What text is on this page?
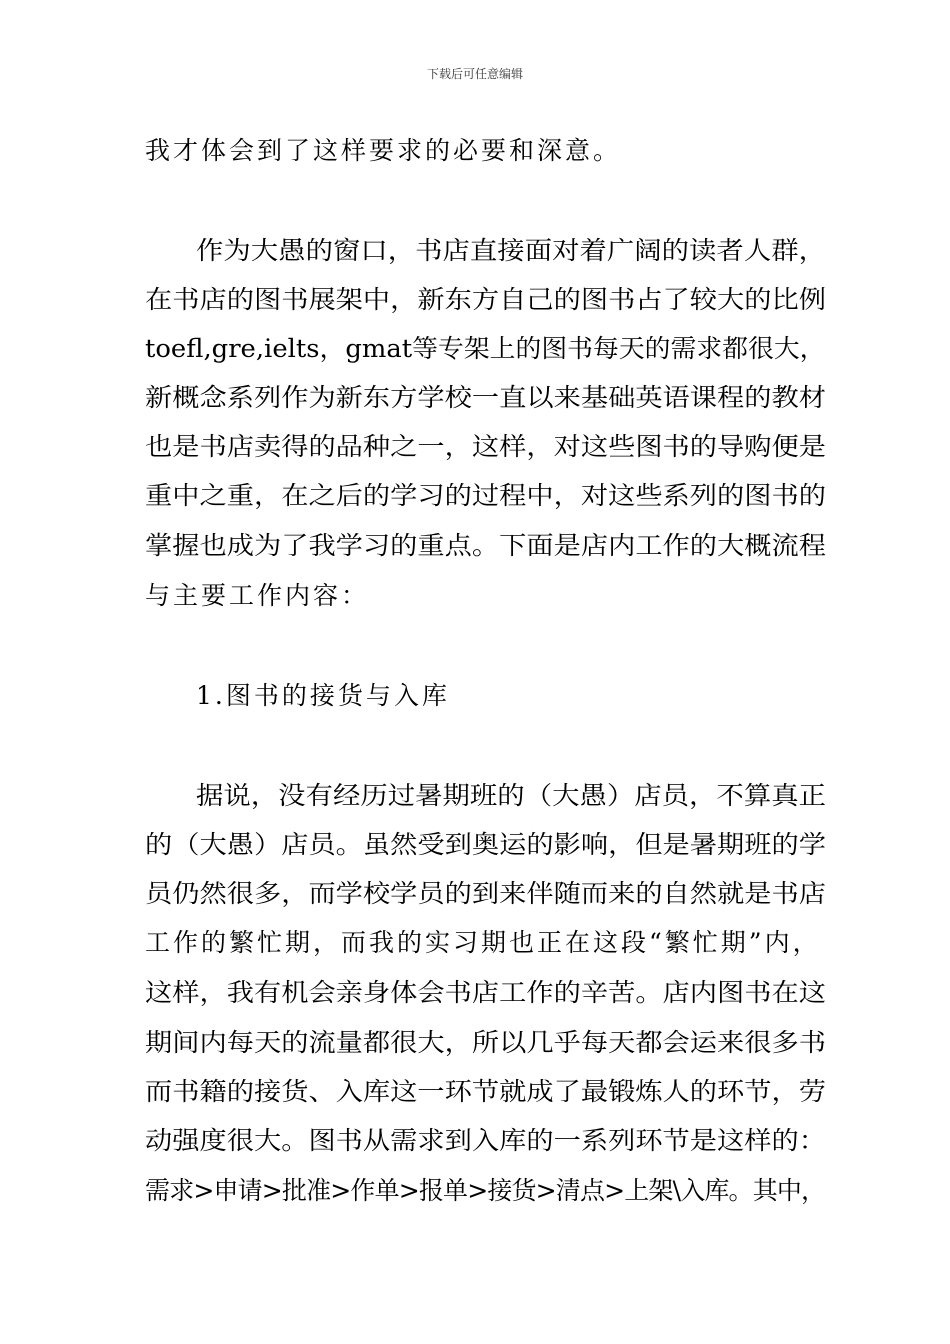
下载后可任意编辑
我才体会到了这样要求的必要和深意。
作为大愚的窗口，书店直接面对着广阔的读者人群，
在书店的图书展架中，新东方自己的图书占了较大的比例
toefl,gre,ielts，gmat等专架上的图书每天的需求都很大，
新概念系列作为新东方学校一直以来基础英语课程的教材
也是书店卖得的品种之一，这样，对这些图书的导购便是
重中之重，在之后的学习的过程中，对这些系列的图书的
掌握也成为了我学习的重点。下面是店内工作的大概流程
与主要工作内容：
1.图书的接货与入库
据说，没有经历过暑期班的（大愚）店员，不算真正
的（大愚）店员。虽然受到奥运的影响，但是暑期班的学
员仍然很多，而学校学员的到来伴随而来的自然就是书店
工作的繁忙期，而我的实习期也正在这段“繁忙期”内，
这样，我有机会亲身体会书店工作的辛苦。店内图书在这
期间内每天的流量都很大，所以几乎每天都会运来很多书
而书籍的接货、入库这一环节就成了最锻炼人的环节，劳
动强度很大。图书从需求到入库的一系列环节是这样的：
需求>申请>批准>作单>报单>接货>清点>上架\入库。其中，
